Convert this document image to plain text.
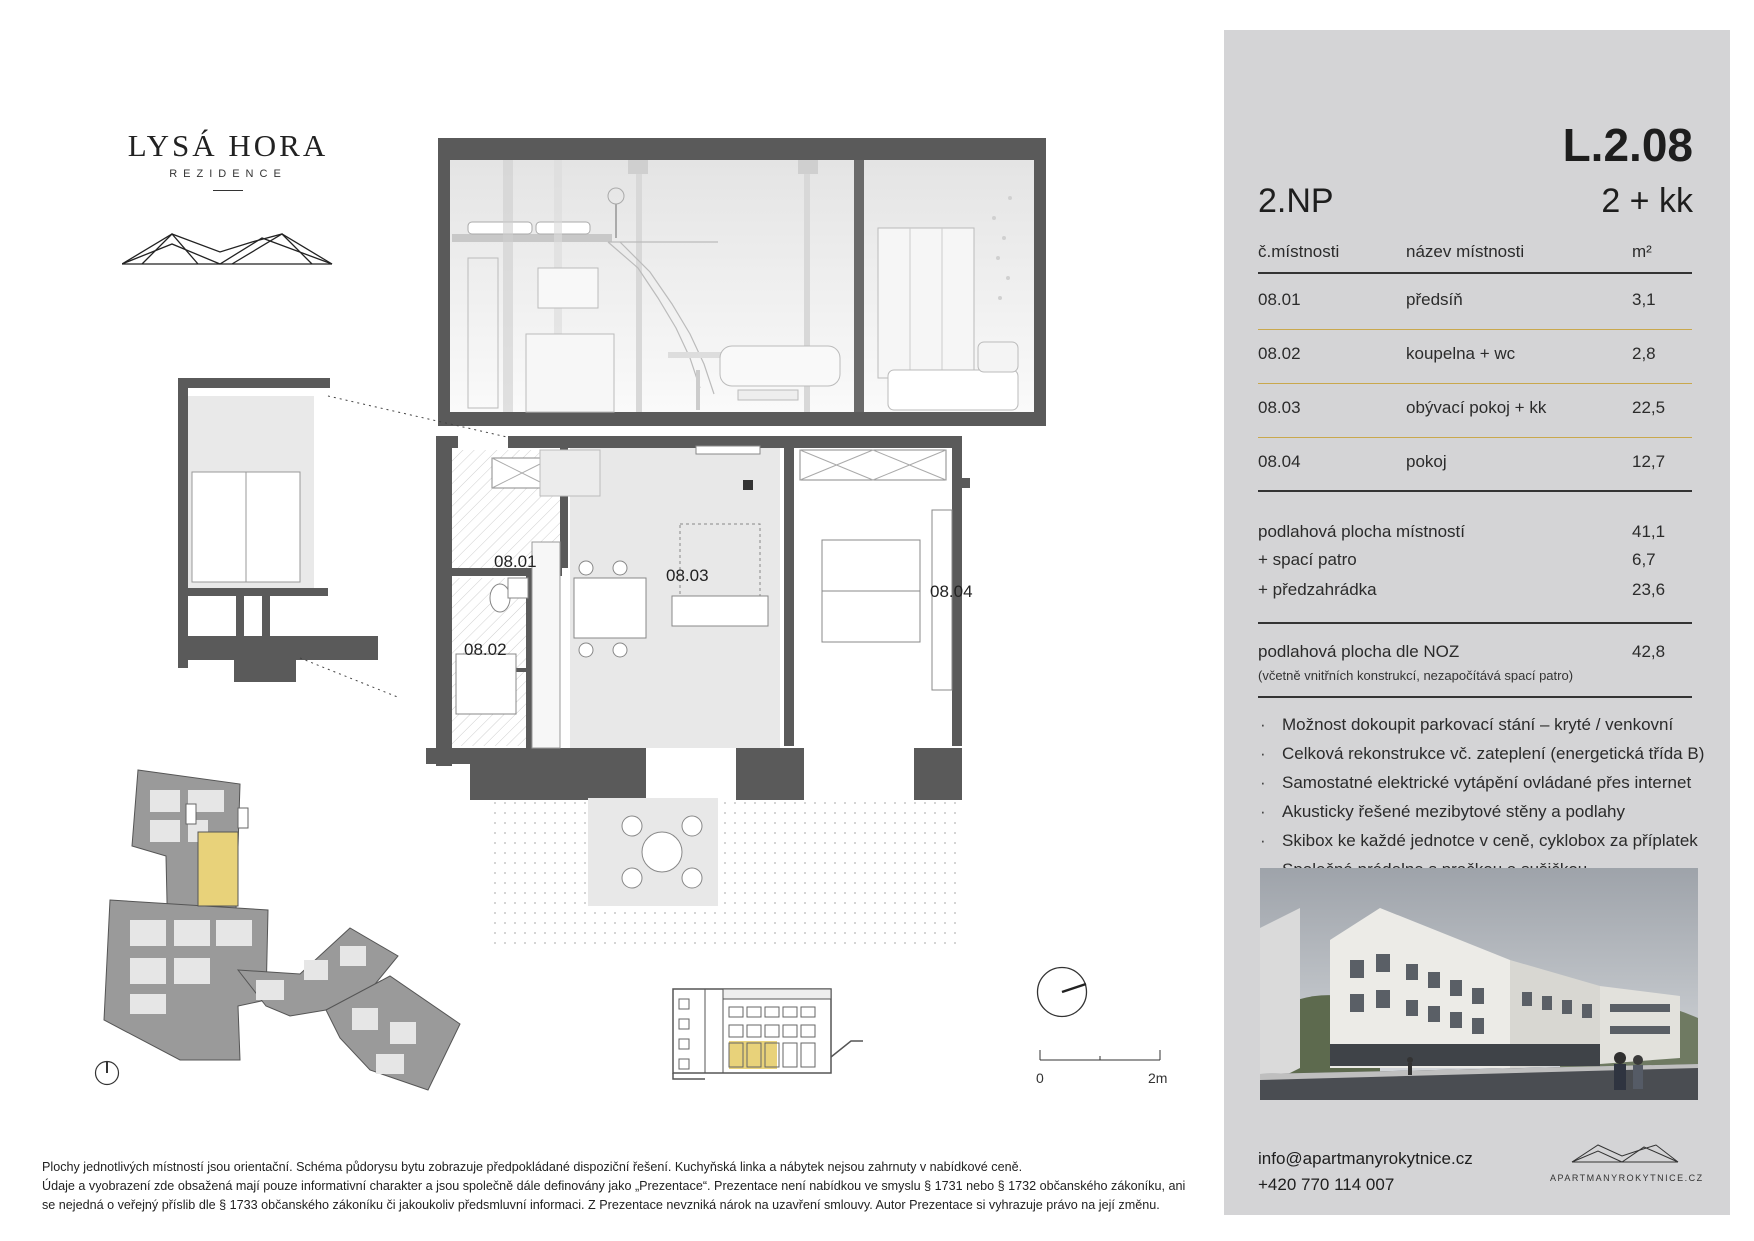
LYSÁ HORA
REZIDENCE
08.01
08.02
08.03
08.04
0	2m
Plochy jednotlivých místností jsou orientační. Schéma půdorysu bytu zobrazuje předpokládané dispoziční řešení. Kuchyňská linka a nábytek nejsou zahrnuty v nabídkové ceně.
Údaje a vyobrazení zde obsažená mají pouze informativní charakter a jsou společně dále definovány jako „Prezentace“. Prezentace není nabídkou ve smyslu § 1731 nebo § 1732 občanského zákoníku, ani
se nejedná o veřejný příslib dle § 1733 občanského zákoníku či jakoukoliv předsmluvní informaci. Z Prezentace nevzniká nárok na uzavření smlouvy. Autor Prezentace si vyhrazuje právo na její změnu.
L.2.08
2.NP	2 + kk
č.místnosti	název místnosti	m²
08.01	předsíň	3,1
08.02	koupelna + wc	2,8
08.03	obývací pokoj + kk	22,5
08.04	pokoj	12,7
podlahová plocha místností	41,1
+ spací patro	6,7
+ předzahrádka	23,6
podlahová plocha dle NOZ	42,8
(včetně vnitřních konstrukcí, nezapočítává spací patro)
· Možnost dokoupit parkovací stání – kryté / venkovní
· Celková rekonstrukce vč. zateplení (energetická třída B)
· Samostatné elektrické vytápění ovládané přes internet
· Akusticky řešené mezibytové stěny a podlahy
· Skibox ke každé jednotce v ceně, cyklobox za příplatek
info@apartmanyrokytnice.cz
+420 770 114 007	APARTMANYROKYTNICE.CZ
